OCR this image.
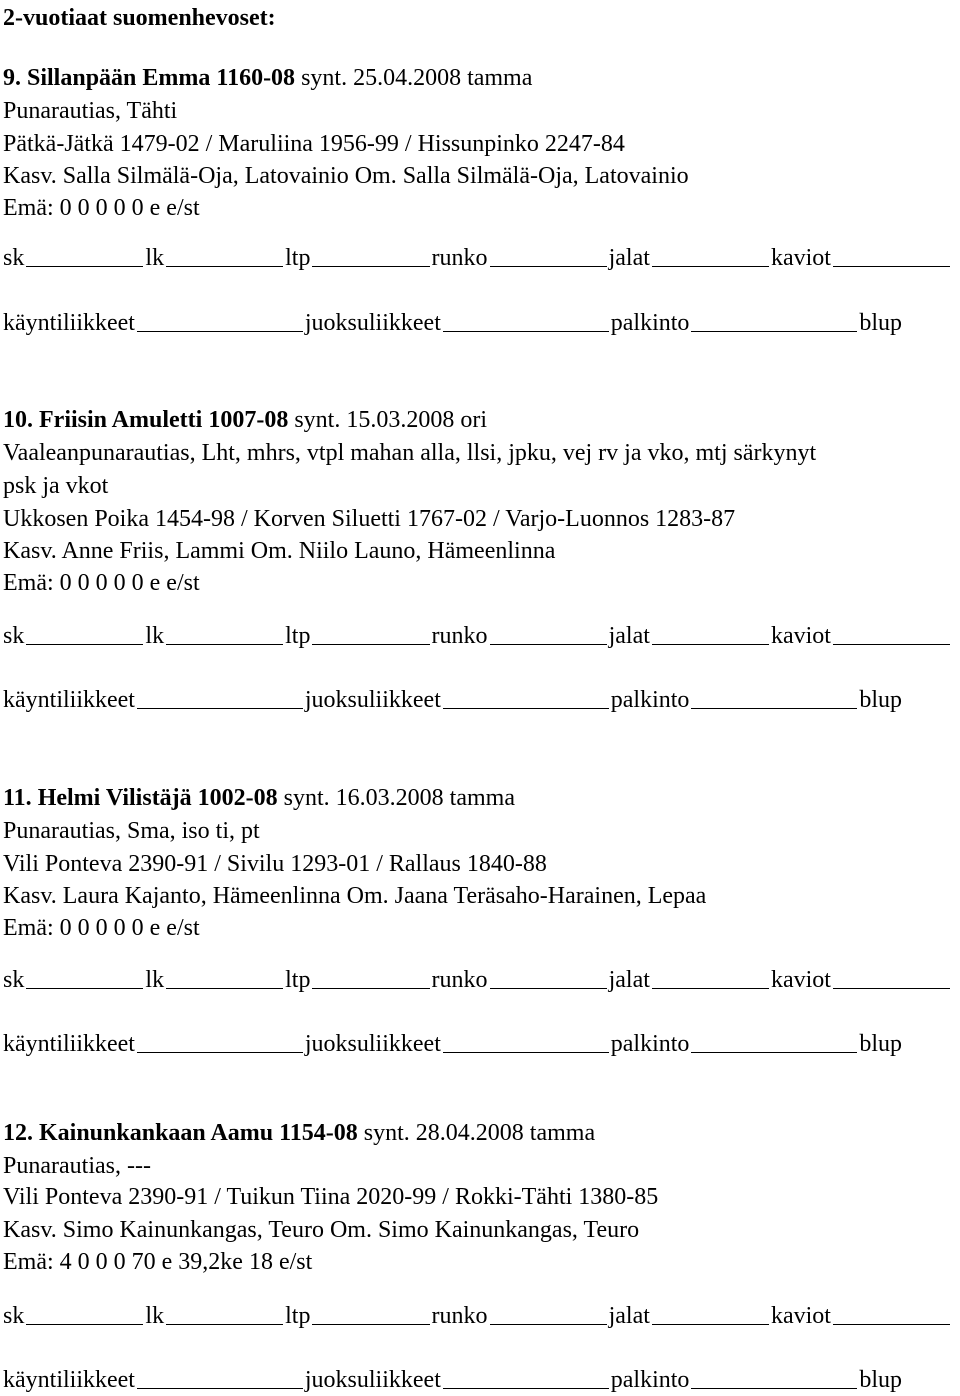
2-vuotiaat suomenhevoset:
9. Sillanpään Emma 1160-08 synt. 25.04.2008 tamma
Punarautias, Tähti
Pätkä-Jätkä 1479-02 / Maruliina 1956-99 / Hissunpinko 2247-84
Kasv. Salla Silmälä-Oja, Latovainio Om. Salla Silmälä-Oja, Latovainio
Emä: 0 0 0 0 0 e e/st
sk	lk	ltp	runko	jalat	kaviot
käyntiliikkeet	juoksuliikkeet	palkinto	blup
10. Friisin Amuletti 1007-08 synt. 15.03.2008 ori
Vaaleanpunarautias, Lht, mhrs, vtpl mahan alla, llsi, jpku, vej rv ja vko, mtj särkynyt
psk ja vkot
Ukkosen Poika 1454-98 / Korven Siluetti 1767-02 / Varjo-Luonnos 1283-87
Kasv. Anne Friis, Lammi Om. Niilo Launo, Hämeenlinna
Emä: 0 0 0 0 0 e e/st
sk	lk	ltp	runko	jalat	kaviot
käyntiliikkeet	juoksuliikkeet	palkinto	blup
11. Helmi Vilistäjä 1002-08 synt. 16.03.2008 tamma
Punarautias, Sma, iso ti, pt
Vili Ponteva 2390-91 / Sivilu 1293-01 / Rallaus 1840-88
Kasv. Laura Kajanto, Hämeenlinna Om. Jaana Teräsaho-Harainen, Lepaa
Emä: 0 0 0 0 0 e e/st
sk	lk	ltp	runko	jalat	kaviot
käyntiliikkeet	juoksuliikkeet	palkinto	blup
12. Kainunkankaan Aamu 1154-08 synt. 28.04.2008 tamma
Punarautias, ---
Vili Ponteva 2390-91 / Tuikun Tiina 2020-99 / Rokki-Tähti 1380-85
Kasv. Simo Kainunkangas, Teuro Om. Simo Kainunkangas, Teuro
Emä: 4 0 0 0 70 e 39,2ke 18 e/st
sk	lk	ltp	runko	jalat	kaviot
käyntiliikkeet	juoksuliikkeet	palkinto	blup
